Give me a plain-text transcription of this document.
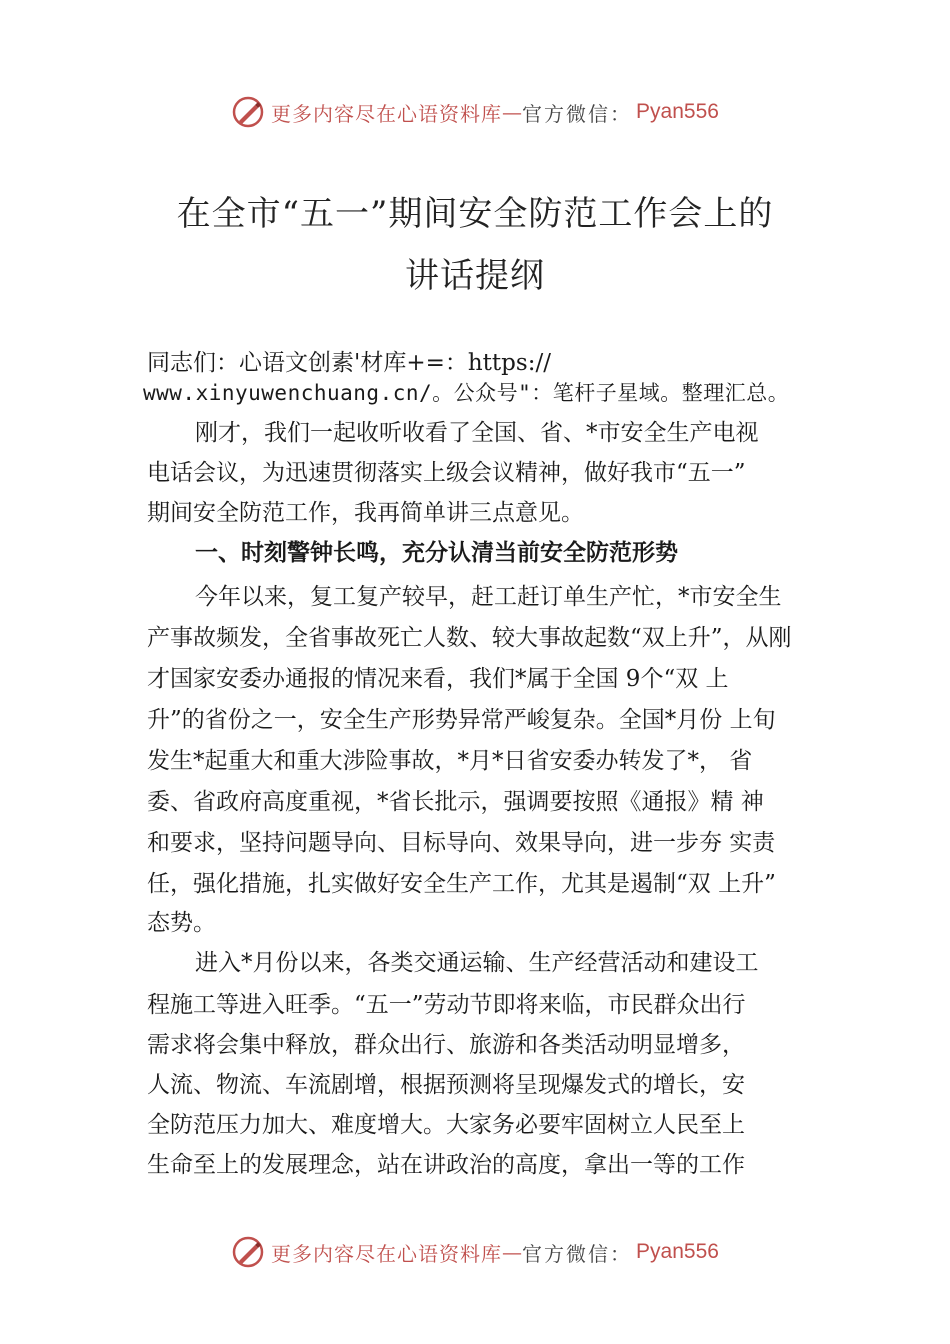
更多内容尽在心语资料库 — 官方微信： Pyan556
在全市“五一”期间安全防范工作会上的
讲话提纲
同志们：心语文创素'材库+=：https://
www.xinyuwenchuang.cn/。公众号"：笔杆子星域。整理汇总。
刚才，我们一起收听收看了全国、省、*市安全生产电视
电话会议，为迅速贯彻落实上级会议精神，做好我市“五一”
期间安全防范工作，我再简单讲三点意见。
一、时刻警钟长鸣，充分认清当前安全防范形势
今年以来，复工复产较早，赶工赶订单生产忙，*市安全生
产事故频发，全省事故死亡人数、较大事故起数“双上升”，从刚
才国家安委办通报的情况来看，我们*属于全国 9个“双 上
升”的省份之一，安全生产形势异常严峻复杂。全国*月份 上旬
发生*起重大和重大涉险事故，*月*日省安委办转发了*， 省
委、省政府高度重视，*省长批示，强调要按照《通报》精 神
和要求，坚持问题导向、目标导向、效果导向，进一步夯 实责
任，强化措施，扎实做好安全生产工作，尤其是遏制“双 上升”
态势。
进入*月份以来，各类交通运输、生产经营活动和建设工
程施工等进入旺季。“五一”劳动节即将来临，市民群众出行
需求将会集中释放，群众出行、旅游和各类活动明显增多，
人流、物流、车流剧增，根据预测将呈现爆发式的增长，安
全防范压力加大、难度增大。大家务必要牢固树立人民至上
生命至上的发展理念，站在讲政治的高度，拿出一等的工作
更多内容尽在心语资料库 — 官方微信： Pyan556
